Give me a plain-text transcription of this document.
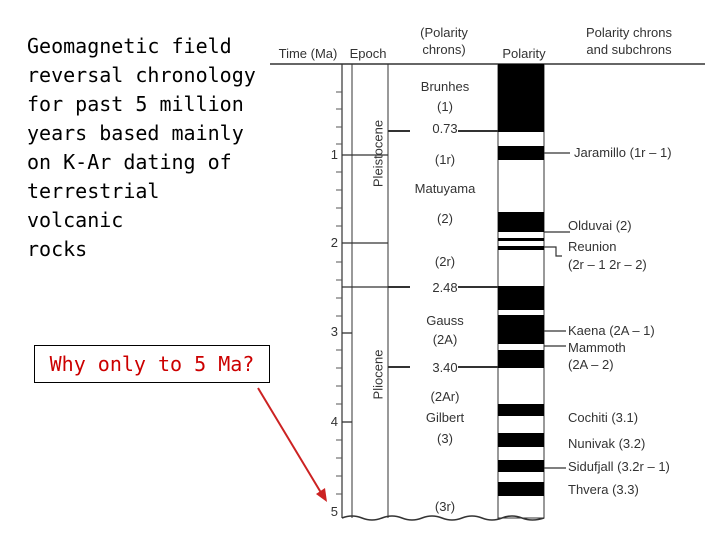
Geomagnetic field
reversal chronology
for past 5 million
years based mainly
on K-Ar dating of
terrestrial volcanic
rocks
Why only to 5 Ma?
Time (Ma) Epoch
(Polarity
chrons)	Polarity
Polarity chrons
and subchrons
1
2
3
4
5
Pleistocene
Pliocene
Brunhes
(1)
0.73
(1r)
Matuyama
(2)
(2r)
2.48
Gauss
(2A)
3.40
(2Ar)
Gilbert
(3)
(3r)
Jaramillo (1r – 1)
Olduvai (2)
Reunion
(2r – 1 2r – 2)
Kaena (2A – 1)
Mammoth
(2A – 2)
Cochiti (3.1)
Nunivak (3.2)
Sidufjall (3.2r – 1)
Thvera (3.3)
